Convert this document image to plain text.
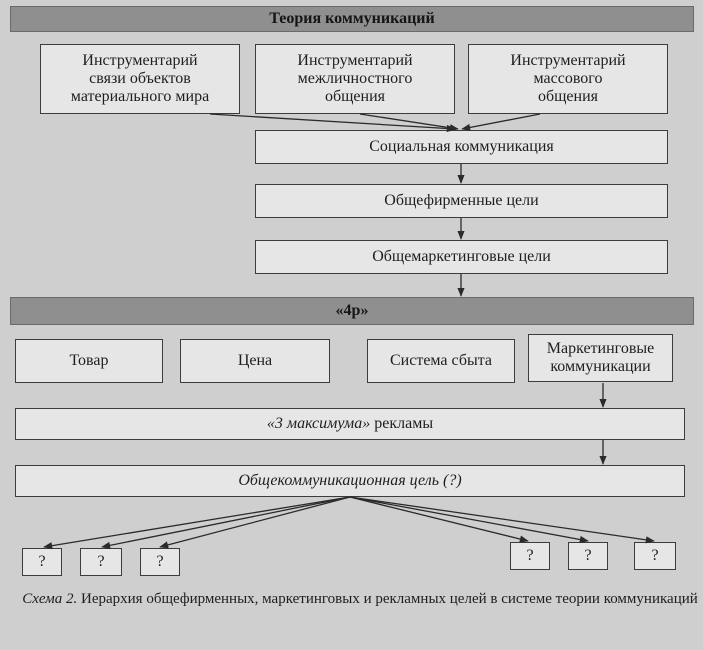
Теория коммуникаций
Инструментарий
связи объектов
материального мира
Инструментарий
межличностного
общения
Инструментарий
массового
общения
Социальная коммуникация
Общефирменные цели
Общемаркетинговые цели
«4р»
Товар	Цена	Система сбыта
Маркетинговые
коммуникации
«3 максимума» рекламы
Общекоммуникационная цель (?)
?	?	?	?	?	?
Схема 2. Иерархия общефирменных, маркетинговых и рекламных целей в системе теории коммуникаций
